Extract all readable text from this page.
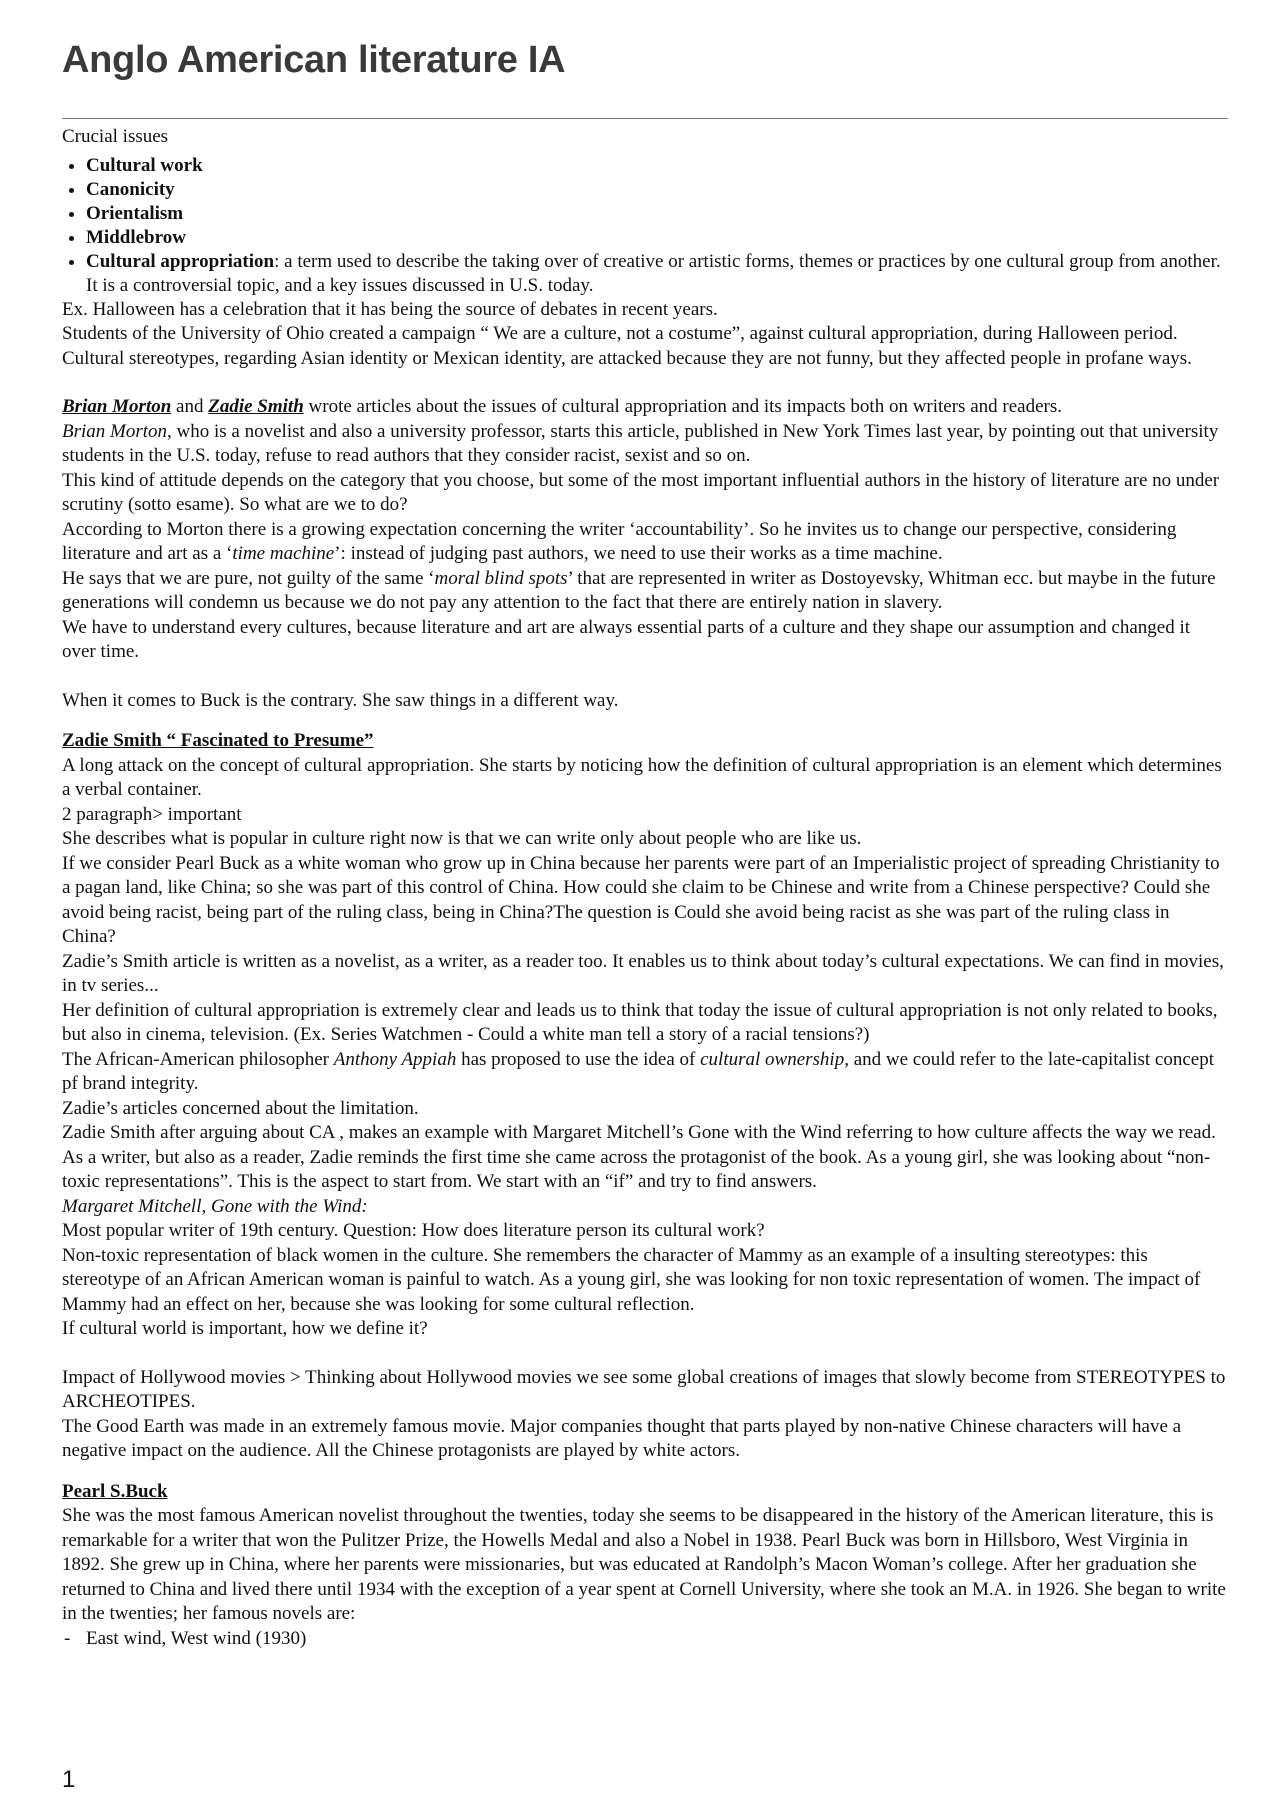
Anglo American literature IA

Crucial issues

• Cultural work
• Canonicity
• Orientalism
• Middlebrow
• Cultural appropriation: a term used to describe the taking over of creative or artistic forms, themes or practices by one cultural group from another. It is a controversial topic, and a key issues discussed in U.S. today.

Ex. Halloween has a celebration that it has being the source of debates in recent years.

Students of the University of Ohio created a campaign “ We are a culture, not a costume”, against cultural appropriation, during Halloween period. Cultural stereotypes, regarding Asian identity or Mexican identity, are attacked because they are not funny, but they affected people in profane ways.

Brian Morton and Zadie Smith wrote articles about the issues of cultural appropriation and its impacts both on writers and readers.

Brian Morton, who is a novelist and also a university professor, starts this article, published in New York Times last year, by pointing out that university students in the U.S. today, refuse to read authors that they consider racist, sexist and so on.

This kind of attitude depends on the category that you choose, but some of the most important influential authors in the history of literature are no under scrutiny (sotto esame). So what are we to do?

According to Morton there is a growing expectation concerning the writer ‘accountability’. So he invites us to change our perspective, considering literature and art as a ‘time machine’: instead of judging past authors, we need to use their works as a time machine.

He says that we are pure, not guilty of the same ‘moral blind spots’ that are represented in writer as Dostoyevsky, Whitman ecc. but maybe in the future generations will condemn us because we do not pay any attention to the fact that there are entirely nation in slavery.

We have to understand every cultures, because literature and art are always essential parts of a culture and they shape our assumption and changed it over time.

When it comes to Buck is the contrary. She saw things in a different way.

Zadie Smith “ Fascinated to Presume”

A long attack on the concept of cultural appropriation. She starts by noticing how the definition of cultural appropriation is an element which determines a verbal container.

2 paragraph> important

She describes what is popular in culture right now is that we can write only about people who are like us.

If we consider Pearl Buck as a white woman who grow up in China because her parents were part of an Imperialistic project of spreading Christianity to a pagan land, like China; so she was part of this control of China. How could she claim to be Chinese and write from a Chinese perspective? Could she avoid being racist, being part of the ruling class, being in China?The question is Could she avoid being racist as she was part of the ruling class in China?

Zadie’s Smith article is written as a novelist, as a writer, as a reader too. It enables us to think about today’s cultural expectations. We can find in movies, in tv series...

Her definition of cultural appropriation is extremely clear and leads us to think that today the issue of cultural appropriation is not only related to books, but also in cinema, television. (Ex. Series Watchmen - Could a white man tell a story of a racial tensions?)

The African-American philosopher Anthony Appiah has proposed to use the idea of cultural ownership, and we could refer to the late-capitalist concept pf brand integrity.

Zadie’s articles concerned about the limitation.

Zadie Smith after arguing about CA , makes an example with Margaret Mitchell’s Gone with the Wind referring to how culture affects the way we read. As a writer, but also as a reader, Zadie reminds the first time she came across the protagonist of the book. As a young girl, she was looking about “non-toxic representations”. This is the aspect to start from. We start with an “if” and try to find answers.

Margaret Mitchell, Gone with the Wind:

Most popular writer of 19th century. Question: How does literature person its cultural work?

Non-toxic representation of black women in the culture. She remembers the character of Mammy as an example of a insulting stereotypes: this stereotype of an African American woman is painful to watch. As a young girl, she was looking for non toxic representation of women. The impact of Mammy had an effect on her, because she was looking for some cultural reflection.

If cultural world is important, how we define it?

Impact of Hollywood movies > Thinking about Hollywood movies we see some global creations of images that slowly become from STEREOTYPES to ARCHEOTIPES.

The Good Earth was made in an extremely famous movie. Major companies thought that parts played by non-native Chinese characters will have a negative impact on the audience. All the Chinese protagonists are played by white actors.

Pearl S.Buck

She was the most famous American novelist throughout the twenties, today she seems to be disappeared in the history of the American literature, this is remarkable for a writer that won the Pulitzer Prize, the Howells Medal and also a Nobel in 1938. Pearl Buck was born in Hillsboro, West Virginia in 1892. She grew up in China, where her parents were missionaries, but was educated at Randolph’s Macon Woman’s college. After her graduation she returned to China and lived there until 1934 with the exception of a year spent at Cornell University, where she took an M.A. in 1926. She began to write in the twenties; her famous novels are:

- East wind, West wind (1930)
1
